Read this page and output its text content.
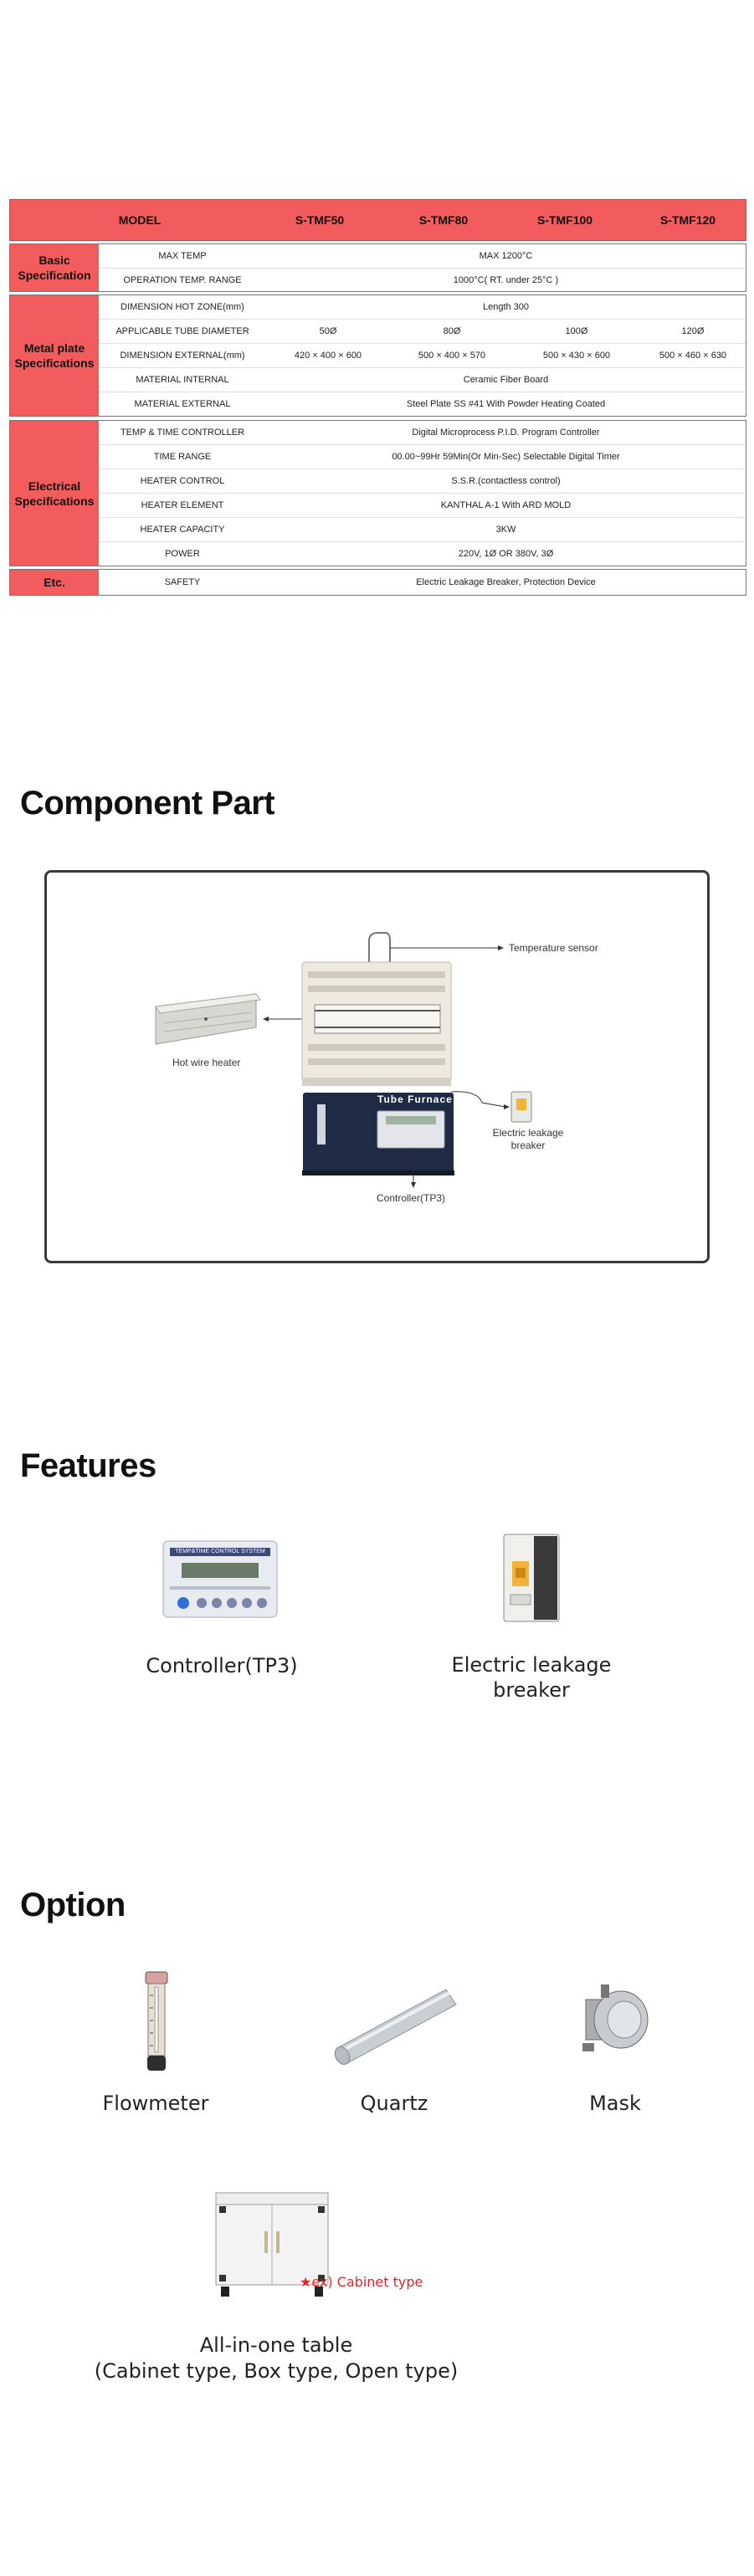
MODEL	S-TMF50	S-TMF80	S-TMF100	S-TMF120
Basic Specification
MAX TEMP	MAX 1200°C
OPERATION TEMP. RANGE	1000°C( RT. under 25°C )
Metal plate Specifications
DIMENSION HOT ZONE(mm)	Length 300
APPLICABLE TUBE DIAMETER	50Ø	80Ø	100Ø	120Ø
DIMENSION EXTERNAL(mm)	420 × 400 × 600	500 × 400 × 570	500 × 430 × 600	500 × 460 × 630
MATERIAL INTERNAL	Ceramic Fiber Board
MATERIAL EXTERNAL	Steel Plate SS #41 With Powder Heating Coated
Electrical Specifications
TEMP & TIME CONTROLLER	Digital Microprocess P.I.D. Program Controller
TIME RANGE	00.00~99Hr 59Min(Or Min-Sec) Selectable Digital Timer
HEATER CONTROL	S.S.R.(contactless control)
HEATER ELEMENT	KANTHAL A-1 With ARD MOLD
HEATER CAPACITY	3KW
POWER	220V, 1Ø OR 380V, 3Ø
Etc.	SAFETY	Electric Leakage Breaker, Protection Device
Component Part
Temperature sensor
Hot wire heater
Tube Furnace
Electric leakage
breaker
Controller(TP3)
Features
TEMP&TIME CONTROL SYSTEM
Controller(TP3)	Electric leakage
breaker
Option
Flowmeter	Quartz	Mask
★ex) Cabinet type
All-in-one table
(Cabinet type, Box type, Open type)
